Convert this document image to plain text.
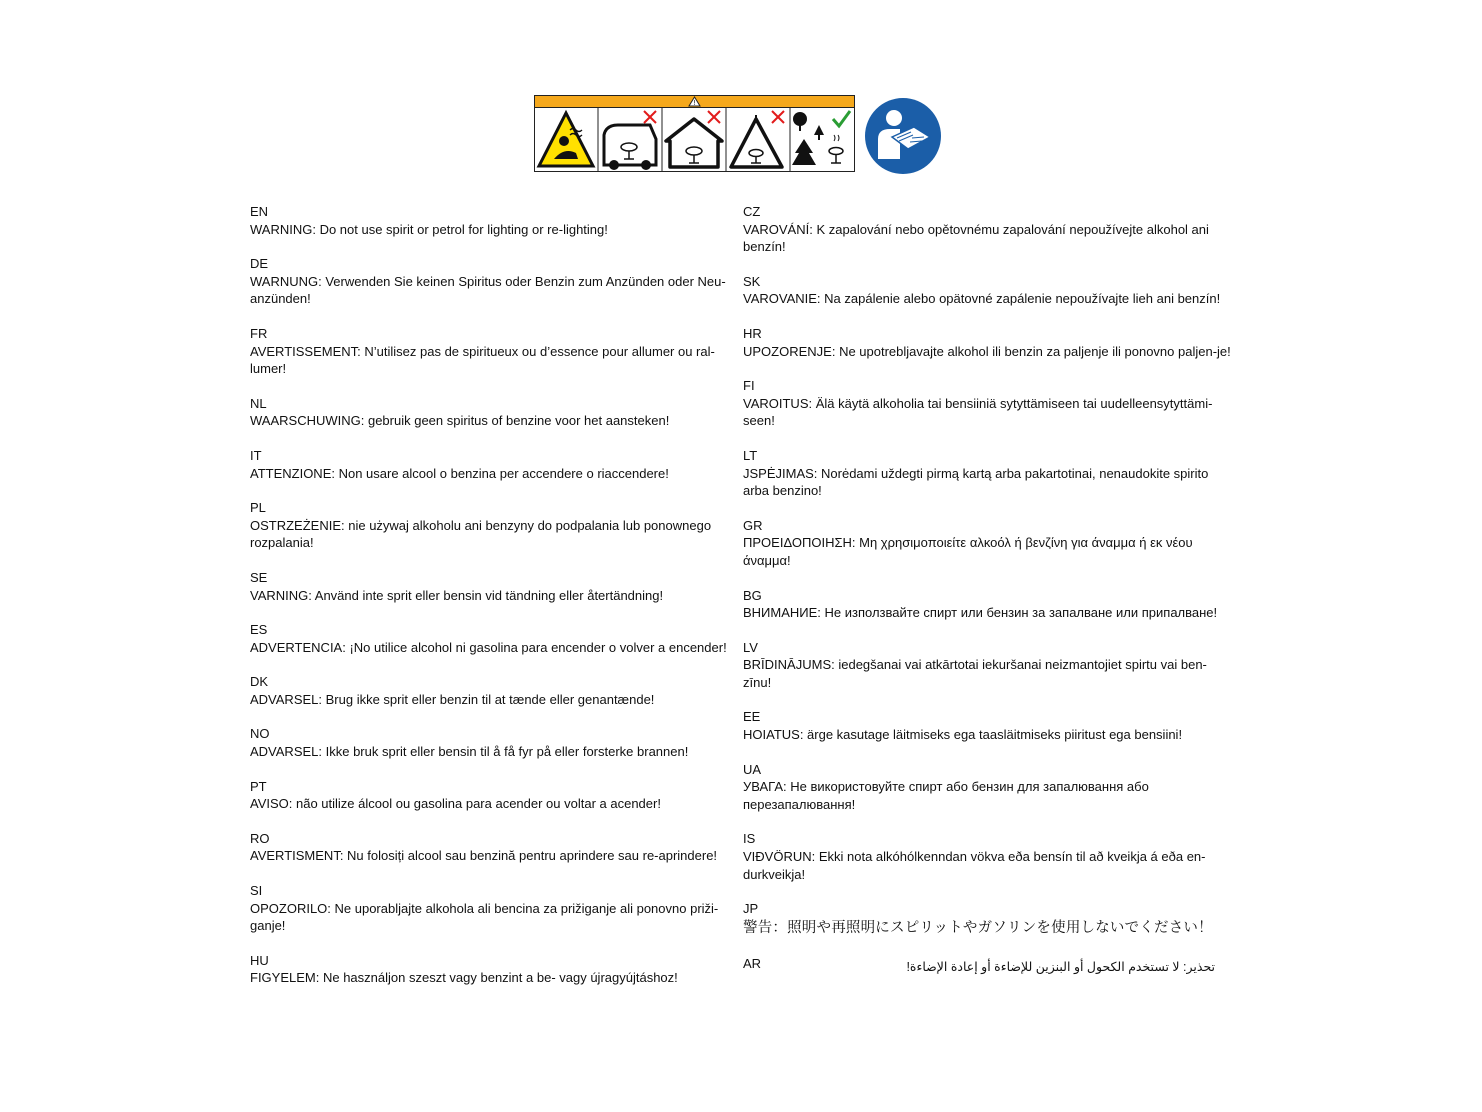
!
EN
WARNING: Do not use spirit or petrol for lighting or re-lighting!
DE
WARNUNG: Verwenden Sie keinen Spiritus oder Benzin zum Anzünden oder Neu-anzünden!
FR
AVERTISSEMENT: N’utilisez pas de spiritueux ou d’essence pour allumer ou ral-lumer!
NL
WAARSCHUWING: gebruik geen spiritus of benzine voor het aansteken!
IT
ATTENZIONE: Non usare alcool o benzina per accendere o riaccendere!
PL
OSTRZEŻENIE: nie używaj alkoholu ani benzyny do podpalania lub ponownego rozpalania!
SE
VARNING: Använd inte sprit eller bensin vid tändning eller återtändning!
ES
ADVERTENCIA: ¡No utilice alcohol ni gasolina para encender o volver a encender!
DK
ADVARSEL: Brug ikke sprit eller benzin til at tænde eller genantænde!
NO
ADVARSEL: Ikke bruk sprit eller bensin til å få fyr på eller forsterke brannen!
PT
AVISO: não utilize álcool ou gasolina para acender ou voltar a acender!
RO
AVERTISMENT: Nu folosiți alcool sau benzină pentru aprindere sau re-aprindere!
SI
OPOZORILO: Ne uporabljajte alkohola ali bencina za prižiganje ali ponovno priži-ganje!
HU
FIGYELEM: Ne használjon szeszt vagy benzint a be- vagy újragyújtáshoz!
CZ
VAROVÁNÍ: K zapalování nebo opětovnému zapalování nepoužívejte alkohol ani benzín!
SK
VAROVANIE: Na zapálenie alebo opätovné zapálenie nepoužívajte lieh ani benzín!
HR
UPOZORENJE: Ne upotrebljavajte alkohol ili benzin za paljenje ili ponovno paljen-je!
FI
VAROITUS: Älä käytä alkoholia tai bensiiniä sytyttämiseen tai uudelleensytyttämi-seen!
LT
JSPĖJIMAS: Norėdami uždegti pirmą kartą arba pakartotinai, nenaudokite spirito arba benzino!
GR
ΠΡΟΕΙΔΟΠΟΙΗΣΗ: Μη χρησιμοποιείτε αλκοόλ ή βενζίνη για άναμμα ή εκ νέου άναμμα!
BG
ВНИМАНИЕ: Не използвайте спирт или бензин за запалване или припалване!
LV
BRĪDINĀJUMS: iedegšanai vai atkārtotai iekuršanai neizmantojiet spirtu vai ben-zīnu!
EE
HOIATUS: ärge kasutage läitmiseks ega taasläitmiseks piiritust ega bensiini!
UA
УВАГА: Не використовуйте спирт або бензин для запалювання або перезапалювання!
IS
VIÐVÖRUN: Ekki nota alkóhólkenndan vökva eða bensín til að kveikja á eða en-durkveikja!
JP
警告：照明や再照明にスピリットやガソリンを使用しないでください！
AR	تحذير: لا تستخدم الكحول أو البنزين للإضاءة أو إعادة الإضاءة!
